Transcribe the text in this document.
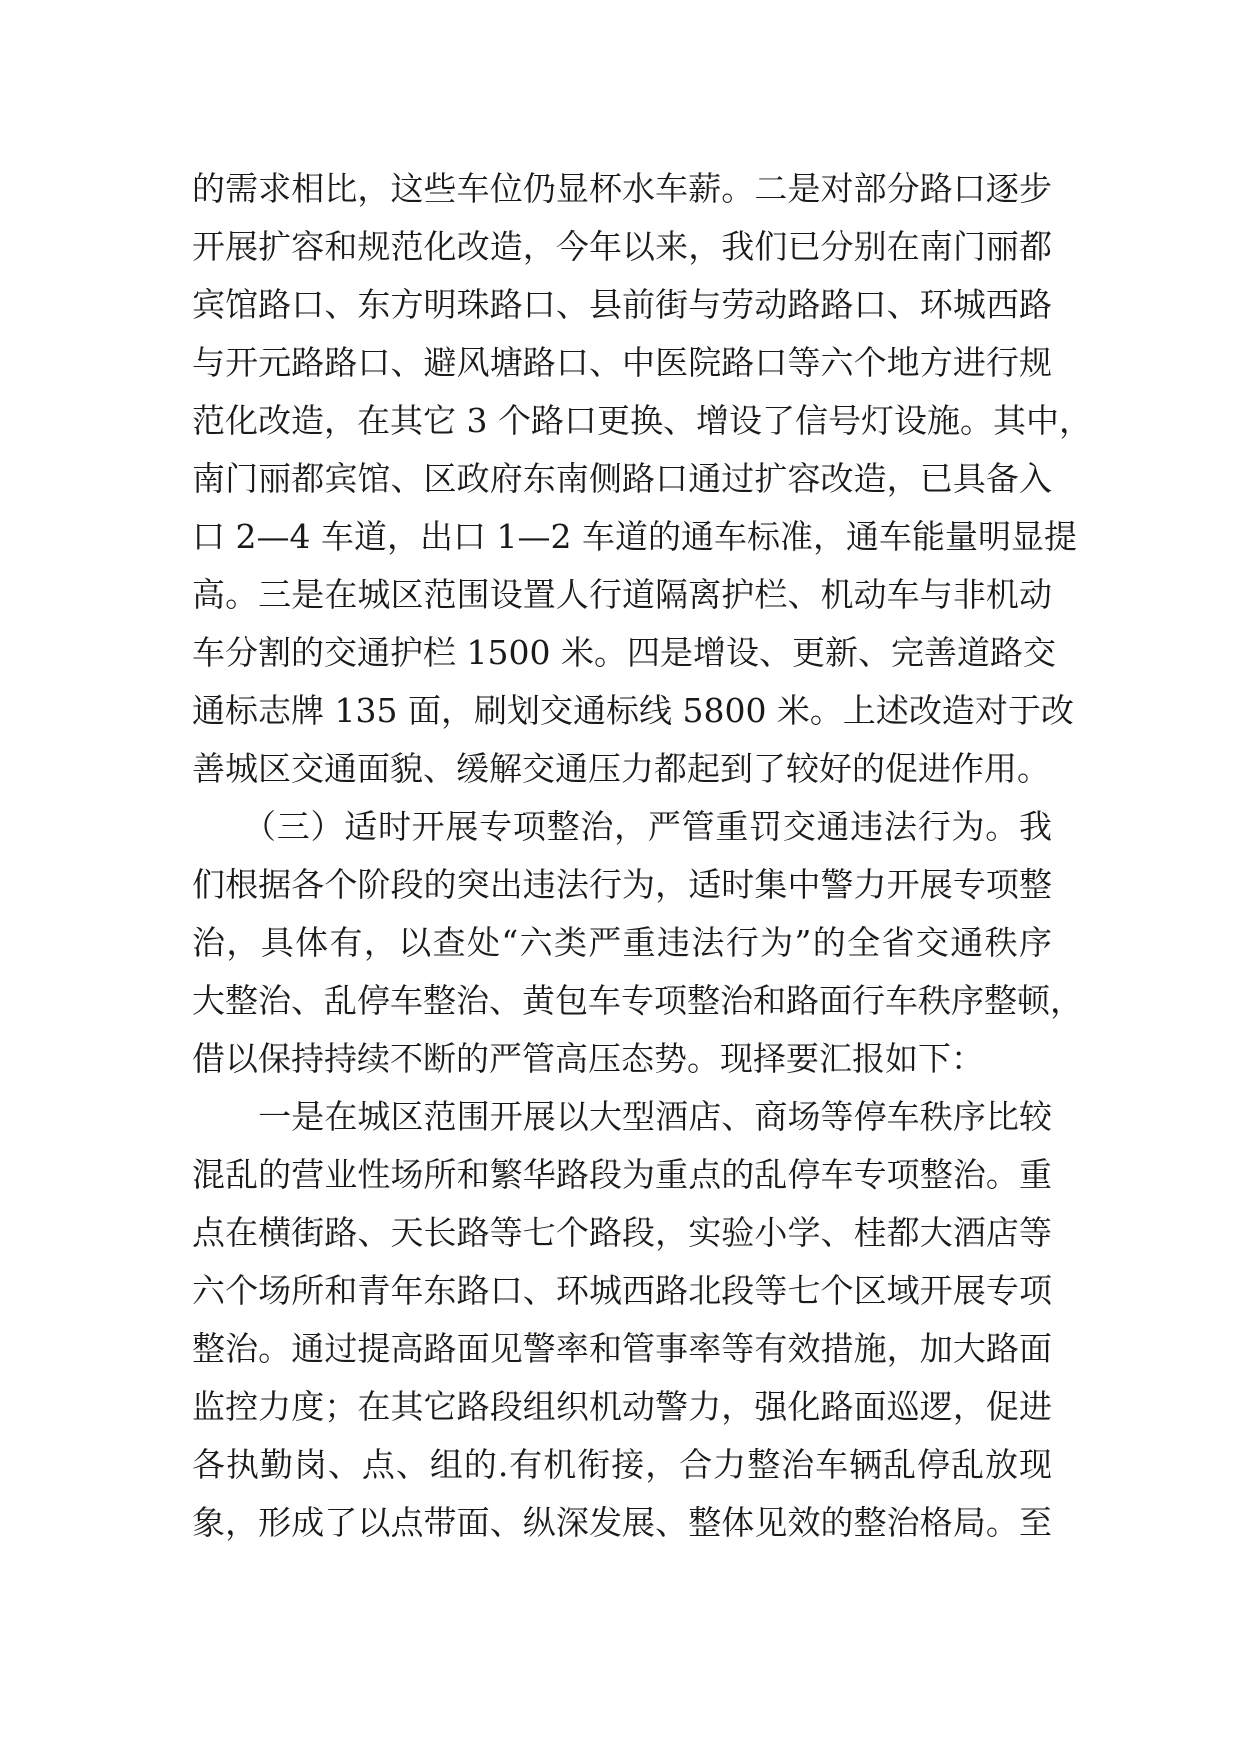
的需求相比，这些车位仍显杯水车薪。二是对部分路口逐步
开展扩容和规范化改造，今年以来，我们已分别在南门丽都
宾馆路口、东方明珠路口、县前街与劳动路路口、环城西路
与开元路路口、避风塘路口、中医院路口等六个地方进行规
范化改造，在其它 3 个路口更换、增设了信号灯设施。其中，
南门丽都宾馆、区政府东南侧路口通过扩容改造，已具备入
口 2—4 车道，出口 1—2 车道的通车标准，通车能量明显提
高。三是在城区范围设置人行道隔离护栏、机动车与非机动
车分割的交通护栏 1500 米。四是增设、更新、完善道路交
通标志牌 135 面，刷划交通标线 5800 米。上述改造对于改
善城区交通面貌、缓解交通压力都起到了较好的促进作用。
　　（三）适时开展专项整治，严管重罚交通违法行为。我
们根据各个阶段的突出违法行为，适时集中警力开展专项整
治，具体有，以查处“六类严重违法行为”的全省交通秩序
大整治、乱停车整治、黄包车专项整治和路面行车秩序整顿，
借以保持持续不断的严管高压态势。现择要汇报如下：
　　一是在城区范围开展以大型酒店、商场等停车秩序比较
混乱的营业性场所和繁华路段为重点的乱停车专项整治。重
点在横街路、天长路等七个路段，实验小学、桂都大酒店等
六个场所和青年东路口、环城西路北段等七个区域开展专项
整治。通过提高路面见警率和管事率等有效措施，加大路面
监控力度；在其它路段组织机动警力，强化路面巡逻，促进
各执勤岗、点、组的.有机衔接，合力整治车辆乱停乱放现
象，形成了以点带面、纵深发展、整体见效的整治格局。至
